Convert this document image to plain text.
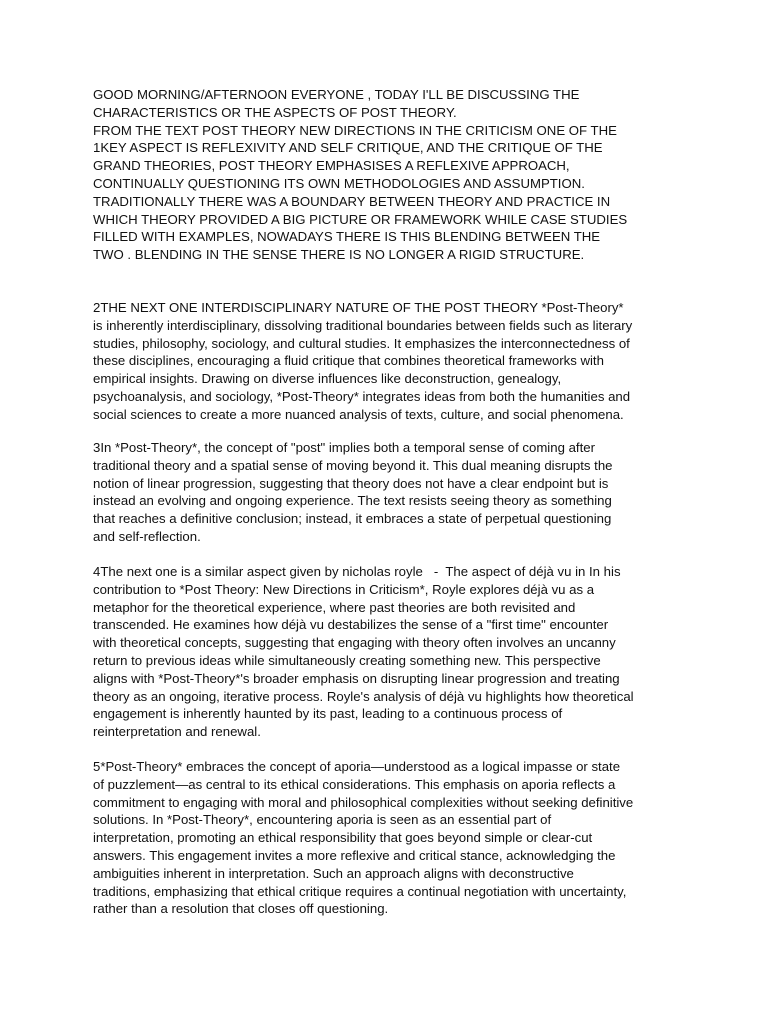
GOOD MORNING/AFTERNOON EVERYONE , TODAY I'LL BE DISCUSSING THE
CHARACTERISTICS OR THE ASPECTS OF POST THEORY.
FROM THE TEXT POST THEORY NEW DIRECTIONS IN THE CRITICISM ONE OF THE
1KEY ASPECT IS REFLEXIVITY AND SELF CRITIQUE, AND THE CRITIQUE OF THE
GRAND THEORIES, POST THEORY EMPHASISES A REFLEXIVE APPROACH,
CONTINUALLY QUESTIONING ITS OWN METHODOLOGIES AND ASSUMPTION.
TRADITIONALLY THERE WAS A BOUNDARY BETWEEN THEORY AND PRACTICE IN
WHICH THEORY PROVIDED A BIG PICTURE OR FRAMEWORK WHILE CASE STUDIES
FILLED WITH EXAMPLES, NOWADAYS THERE IS THIS BLENDING BETWEEN THE
TWO . BLENDING IN THE SENSE THERE IS NO LONGER A RIGID STRUCTURE.

2THE NEXT ONE INTERDISCIPLINARY NATURE OF THE POST THEORY *Post-Theory*
is inherently interdisciplinary, dissolving traditional boundaries between fields such as literary
studies, philosophy, sociology, and cultural studies. It emphasizes the interconnectedness of
these disciplines, encouraging a fluid critique that combines theoretical frameworks with
empirical insights. Drawing on diverse influences like deconstruction, genealogy,
psychoanalysis, and sociology, *Post-Theory* integrates ideas from both the humanities and
social sciences to create a more nuanced analysis of texts, culture, and social phenomena.

3In *Post-Theory*, the concept of "post" implies both a temporal sense of coming after
traditional theory and a spatial sense of moving beyond it. This dual meaning disrupts the
notion of linear progression, suggesting that theory does not have a clear endpoint but is
instead an evolving and ongoing experience. The text resists seeing theory as something
that reaches a definitive conclusion; instead, it embraces a state of perpetual questioning
and self-reflection.

4The next one is a similar aspect given by nicholas royle   -  The aspect of déjà vu in In his
contribution to *Post Theory: New Directions in Criticism*, Royle explores déjà vu as a
metaphor for the theoretical experience, where past theories are both revisited and
transcended. He examines how déjà vu destabilizes the sense of a "first time" encounter
with theoretical concepts, suggesting that engaging with theory often involves an uncanny
return to previous ideas while simultaneously creating something new. This perspective
aligns with *Post-Theory*'s broader emphasis on disrupting linear progression and treating
theory as an ongoing, iterative process. Royle's analysis of déjà vu highlights how theoretical
engagement is inherently haunted by its past, leading to a continuous process of
reinterpretation and renewal.

5*Post-Theory* embraces the concept of aporia—understood as a logical impasse or state
of puzzlement—as central to its ethical considerations. This emphasis on aporia reflects a
commitment to engaging with moral and philosophical complexities without seeking definitive
solutions. In *Post-Theory*, encountering aporia is seen as an essential part of
interpretation, promoting an ethical responsibility that goes beyond simple or clear-cut
answers. This engagement invites a more reflexive and critical stance, acknowledging the
ambiguities inherent in interpretation. Such an approach aligns with deconstructive
traditions, emphasizing that ethical critique requires a continual negotiation with uncertainty,
rather than a resolution that closes off questioning.
